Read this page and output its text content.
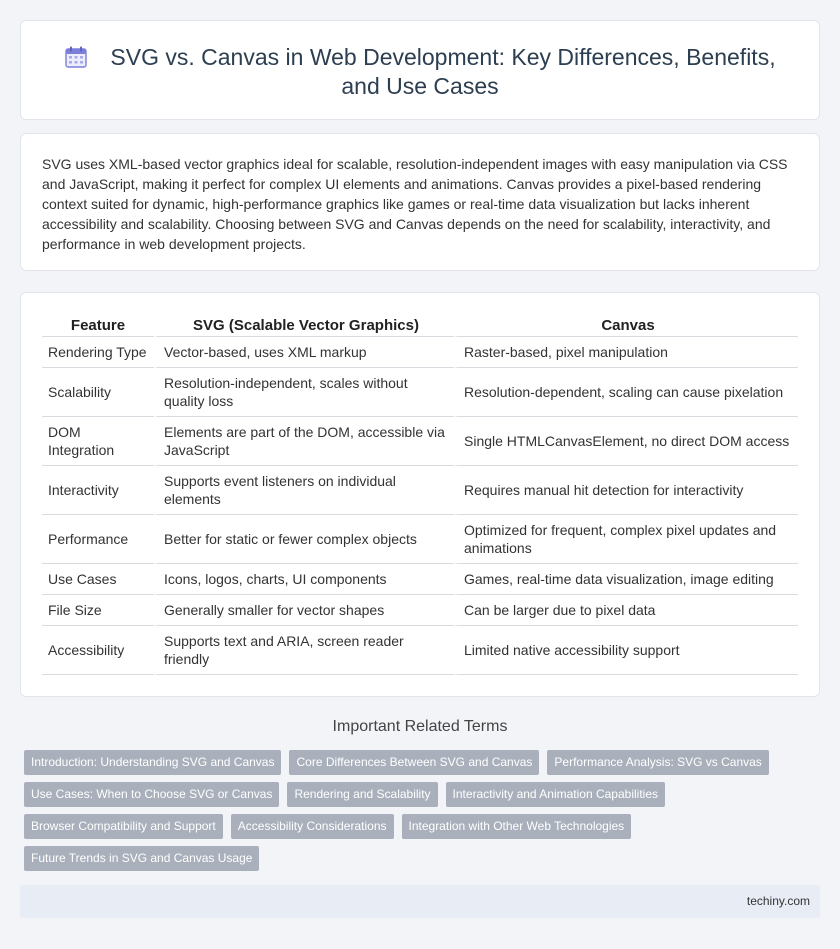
SVG vs. Canvas in Web Development: Key Differences, Benefits, and Use Cases

SVG uses XML-based vector graphics ideal for scalable, resolution-independent images with easy manipulation via CSS and JavaScript, making it perfect for complex UI elements and animations. Canvas provides a pixel-based rendering context suited for dynamic, high-performance graphics like games or real-time data visualization but lacks inherent accessibility and scalability. Choosing between SVG and Canvas depends on the need for scalability, interactivity, and performance in web development projects.

Feature	SVG (Scalable Vector Graphics)	Canvas
Rendering Type	Vector-based, uses XML markup	Raster-based, pixel manipulation
Scalability	Resolution-independent, scales without quality loss	Resolution-dependent, scaling can cause pixelation
DOM Integration	Elements are part of the DOM, accessible via JavaScript	Single HTMLCanvasElement, no direct DOM access
Interactivity	Supports event listeners on individual elements	Requires manual hit detection for interactivity
Performance	Better for static or fewer complex objects	Optimized for frequent, complex pixel updates and animations
Use Cases	Icons, logos, charts, UI components	Games, real-time data visualization, image editing
File Size	Generally smaller for vector shapes	Can be larger due to pixel data
Accessibility	Supports text and ARIA, screen reader friendly	Limited native accessibility support
Important Related Terms
Introduction: Understanding SVG and Canvas	Core Differences Between SVG and Canvas	Performance Analysis: SVG vs Canvas
Use Cases: When to Choose SVG or Canvas	Rendering and Scalability	Interactivity and Animation Capabilities
Browser Compatibility and Support	Accessibility Considerations	Integration with Other Web Technologies
Future Trends in SVG and Canvas Usage
techiny.com
